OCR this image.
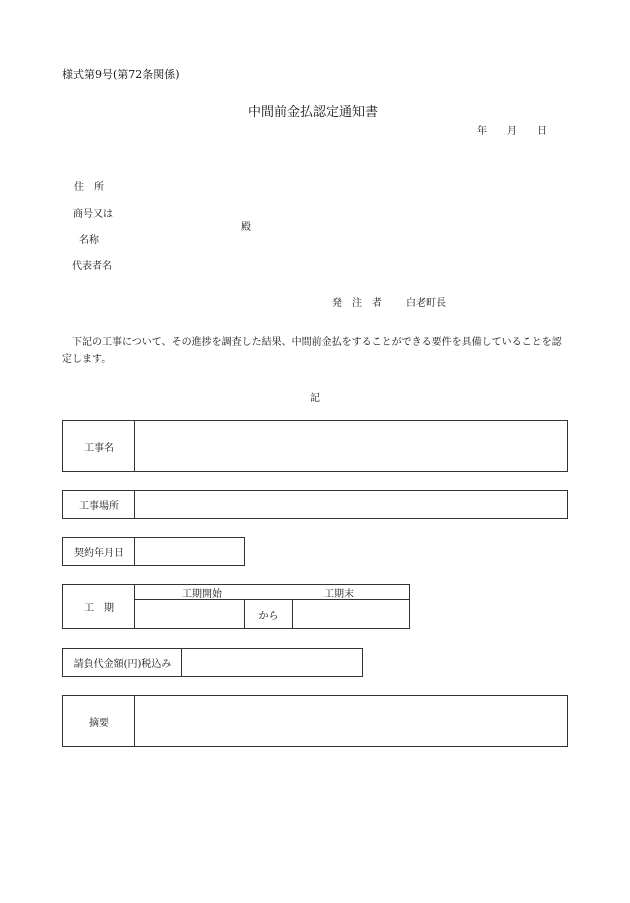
様式第9号(第72条関係)
中間前金払認定通知書
年 月 日
住　所
商号又は
殿
名称
代表者名
発　注　者 白老町長
下記の工事について、その進捗を調査した結果、中間前金払をすることができる要件を具備していることを認
定します。
記
工事名
工事場所
契約年月日
工　期
工期開始	工期末
から
請負代金額(円)税込み
摘要
